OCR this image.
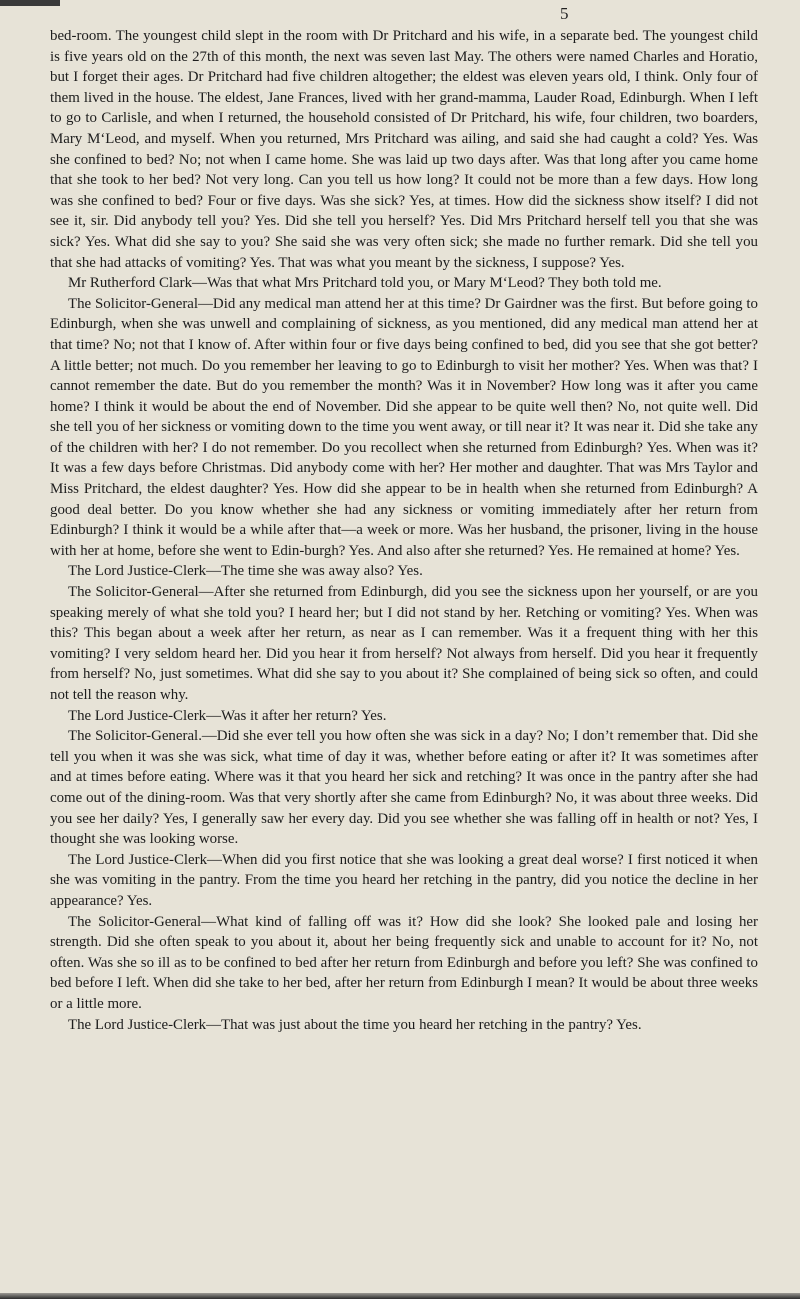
5

bed-room. The youngest child slept in the room with Dr Pritchard and his wife, in a separate bed. The youngest child is five years old on the 27th of this month, the next was seven last May. The others were named Charles and Horatio, but I forget their ages. Dr Pritchard had five children altogether; the eldest was eleven years old, I think. Only four of them lived in the house. The eldest, Jane Frances, lived with her grand-mamma, Lauder Road, Edinburgh. When I left to go to Carlisle, and when I returned, the household consisted of Dr Pritchard, his wife, four children, two boarders, Mary M‘Leod, and myself. When you returned, Mrs Pritchard was ailing, and said she had caught a cold? Yes. Was she confined to bed? No; not when I came home. She was laid up two days after. Was that long after you came home that she took to her bed? Not very long. Can you tell us how long? It could not be more than a few days. How long was she confined to bed? Four or five days. Was she sick? Yes, at times. How did the sickness show itself? I did not see it, sir. Did anybody tell you? Yes. Did she tell you herself? Yes. Did Mrs Pritchard herself tell you that she was sick? Yes. What did she say to you? She said she was very often sick; she made no further remark. Did she tell you that she had attacks of vomiting? Yes. That was what you meant by the sickness, I suppose? Yes.

Mr Rutherford Clark—Was that what Mrs Pritchard told you, or Mary M‘Leod? They both told me.

The Solicitor-General—Did any medical man attend her at this time? Dr Gairdner was the first. But before going to Edinburgh, when she was unwell and complaining of sickness, as you mentioned, did any medical man attend her at that time? No; not that I know of. After within four or five days being confined to bed, did you see that she got better? A little better; not much. Do you remember her leaving to go to Edinburgh to visit her mother? Yes. When was that? I cannot remember the date. But do you remember the month? Was it in November? How long was it after you came home? I think it would be about the end of November. Did she appear to be quite well then? No, not quite well. Did she tell you of her sickness or vomiting down to the time you went away, or till near it? It was near it. Did she take any of the children with her? I do not remember. Do you recollect when she returned from Edinburgh? Yes. When was it? It was a few days before Christmas. Did anybody come with her? Her mother and daughter. That was Mrs Taylor and Miss Pritchard, the eldest daughter? Yes. How did she appear to be in health when she returned from Edinburgh? A good deal better. Do you know whether she had any sickness or vomiting immediately after her return from Edinburgh? I think it would be a while after that—a week or more. Was her husband, the prisoner, living in the house with her at home, before she went to Edin-burgh? Yes. And also after she returned? Yes. He remained at home? Yes.

The Lord Justice-Clerk—The time she was away also? Yes.

The Solicitor-General—After she returned from Edinburgh, did you see the sickness upon her yourself, or are you speaking merely of what she told you? I heard her; but I did not stand by her. Retching or vomiting? Yes. When was this? This began about a week after her return, as near as I can remember. Was it a frequent thing with her this vomiting? I very seldom heard her. Did you hear it from herself? Not always from herself. Did you hear it frequently from herself? No, just sometimes. What did she say to you about it? She complained of being sick so often, and could not tell the reason why.

The Lord Justice-Clerk—Was it after her return? Yes.

The Solicitor-General.—Did she ever tell you how often she was sick in a day? No; I don’t remember that. Did she tell you when it was she was sick, what time of day it was, whether before eating or after it? It was sometimes after and at times before eating. Where was it that you heard her sick and retching? It was once in the pantry after she had come out of the dining-room. Was that very shortly after she came from Edinburgh? No, it was about three weeks. Did you see her daily? Yes, I generally saw her every day. Did you see whether she was falling off in health or not? Yes, I thought she was looking worse.

The Lord Justice-Clerk—When did you first notice that she was looking a great deal worse? I first noticed it when she was vomiting in the pantry. From the time you heard her retching in the pantry, did you notice the decline in her appearance? Yes.

The Solicitor-General—What kind of falling off was it? How did she look? She looked pale and losing her strength. Did she often speak to you about it, about her being frequently sick and unable to account for it? No, not often. Was she so ill as to be confined to bed after her return from Edinburgh and before you left? She was confined to bed before I left. When did she take to her bed, after her return from Edinburgh I mean? It would be about three weeks or a little more.

The Lord Justice-Clerk—That was just about the time you heard her retching in the pantry? Yes.
